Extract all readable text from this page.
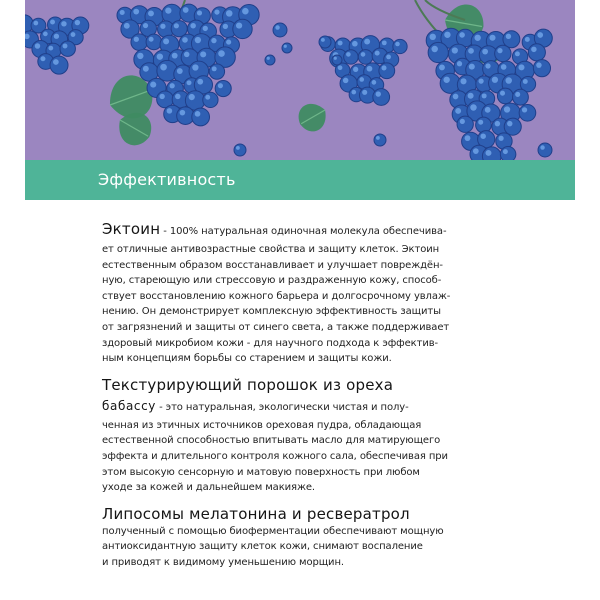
Эффективность

Эктоин - 100% натуральная одиночная молекула обеспечива-
ет отличные антивозрастные свойства и защиту клеток. Эктоин
естественным образом восстанавливает и улучшает повреждён-
ную, стареющую или стрессовую и раздраженную кожу, способ-
ствует восстановлению кожного барьера и долгосрочному увлаж-
нению. Он демонстрирует комплексную эффективность защиты
от загрязнений и защиты от синего света, а также поддерживает
здоровый микробиом кожи - для научного подхода к эффектив-
ным концепциям борьбы со старением и защиты кожи.

Текстурирующий порошок из ореха
бабассу - это натуральная, экологически чистая и полу-
ченная из этичных источников ореховая пудра, обладающая
естественной способностью впитывать масло для матирующего
эффекта и длительного контроля кожного сала, обеспечивая при
этом высокую сенсорную и матовую поверхность при любом
уходе за кожей и дальнейшем макияже.

Липосомы мелатонина и ресвератрол
полученный с помощью биоферментации обеспечивают мощную
антиоксидантную защиту клеток кожи, снимают воспаление
и приводят к видимому уменьшению морщин.
